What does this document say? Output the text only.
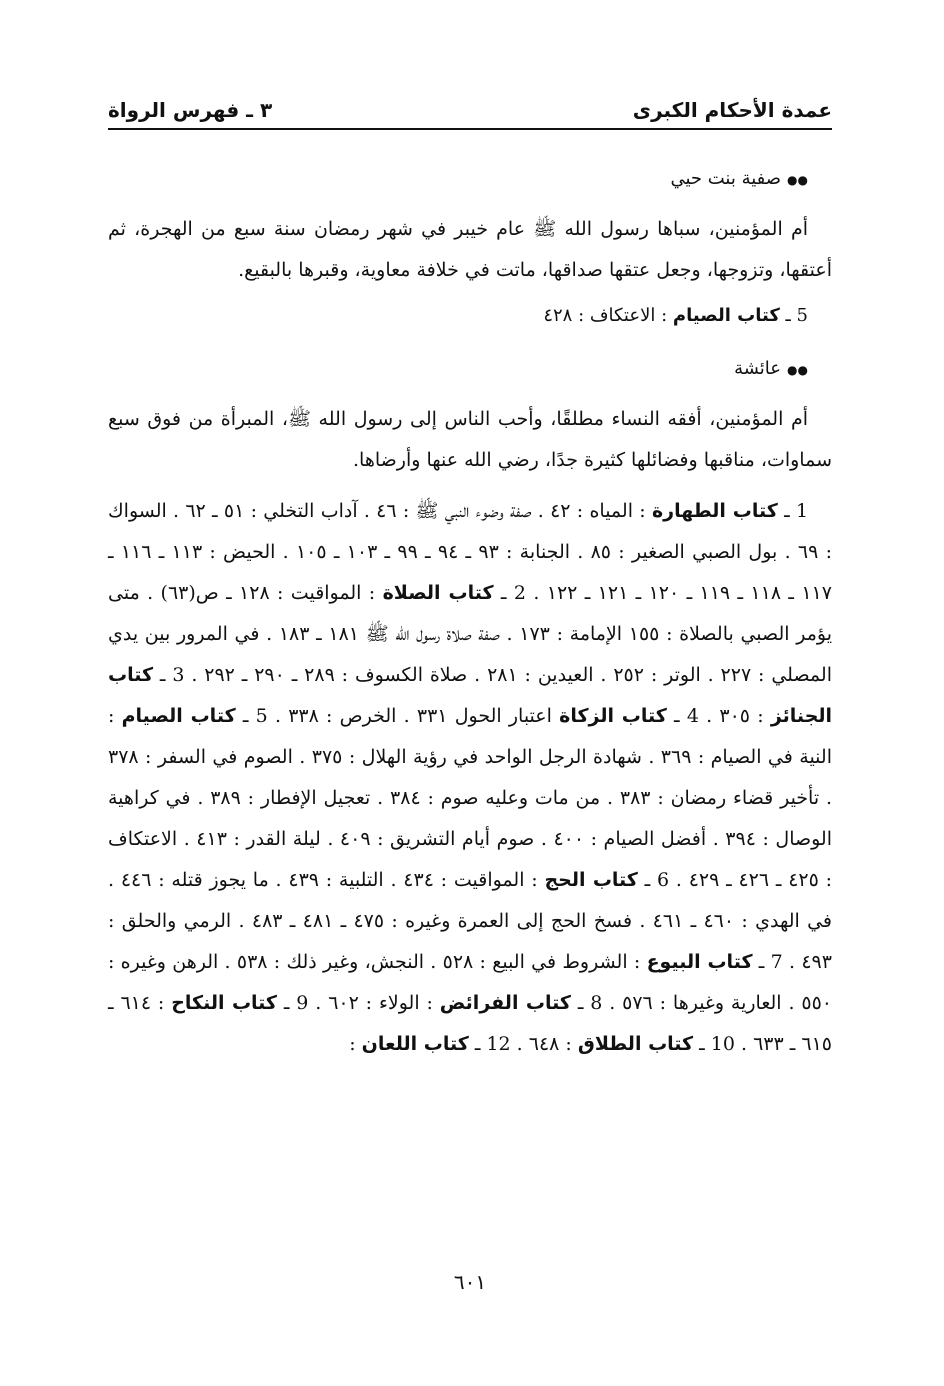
عمدة الأحكام الكبرى
٣ ـ فهرس الرواة
●●صفية بنت حيي

أم المؤمنين، سباها رسول الله ﷺ عام خيبر في شهر رمضان سنة سبع من الهجرة، ثم أعتقها، وتزوجها، وجعل عتقها صداقها، ماتت في خلافة معاوية، وقبرها بالبقيع.

5 ـ كتاب الصيام : الاعتكاف : ٤٢٨
●●عائشة

أم المؤمنين، أفقه النساء مطلقًا، وأحب الناس إلى رسول الله ﷺ، المبرأة من فوق سبع سماوات، مناقبها وفضائلها كثيرة جدًا، رضي الله عنها وأرضاها.

1 ـ كتاب الطهارة : المياه : ٤٢ . صفة وضوء النبي ﷺ : ٤٦ . آداب التخلي : ٥١ ـ ٦٢ . السواك : ٦٩ . بول الصبي الصغير : ٨٥ . الجنابة : ٩٣ ـ ٩٤ ـ ٩٩ ـ ١٠٣ ـ ١٠٥ . الحيض : ١١٣ ـ ١١٦ ـ ١١٧ ـ ١١٨ ـ ١١٩ ـ ١٢٠ ـ ١٢١ ـ ١٢٢ . 2 ـ كتاب الصلاة : المواقيت : ١٢٨ ـ ص(٦٣) . متى يؤمر الصبي بالصلاة : ١٥٥ الإمامة : ١٧٣ . صفة صلاة رسول الله ﷺ ١٨١ ـ ١٨٣ . في المرور بين يدي المصلي : ٢٢٧ . الوتر : ٢٥٢ . العيدين : ٢٨١ . صلاة الكسوف : ٢٨٩ ـ ٢٩٠ ـ ٢٩٢ . 3 ـ كتاب الجنائز : ٣٠٥ . 4 ـ كتاب الزكاة اعتبار الحول ٣٣١ . الخرص : ٣٣٨ . 5 ـ كتاب الصيام : النية في الصيام : ٣٦٩ . شهادة الرجل الواحد في رؤية الهلال : ٣٧٥ . الصوم في السفر : ٣٧٨ . تأخير قضاء رمضان : ٣٨٣ . من مات وعليه صوم : ٣٨٤ . تعجيل الإفطار : ٣٨٩ . في كراهية الوصال : ٣٩٤ . أفضل الصيام : ٤٠٠ . صوم أيام التشريق : ٤٠٩ . ليلة القدر : ٤١٣ . الاعتكاف : ٤٢٥ ـ ٤٢٦ ـ ٤٢٩ . 6 ـ كتاب الحج : المواقيت : ٤٣٤ . التلبية : ٤٣٩ . ما يجوز قتله : ٤٤٦ . في الهدي : ٤٦٠ ـ ٤٦١ . فسخ الحج إلى العمرة وغيره : ٤٧٥ ـ ٤٨١ ـ ٤٨٣ . الرمي والحلق : ٤٩٣ . 7 ـ كتاب البيوع : الشروط في البيع : ٥٢٨ . النجش، وغير ذلك : ٥٣٨ . الرهن وغيره : ٥٥٠ . العارية وغيرها : ٥٧٦ . 8 ـ كتاب الفرائض : الولاء : ٦٠٢ . 9 ـ كتاب النكاح : ٦١٤ ـ ٦١٥ ـ ٦٣٣ . 10 ـ كتاب الطلاق : ٦٤٨ . 12 ـ كتاب اللعان :

٦٠١
